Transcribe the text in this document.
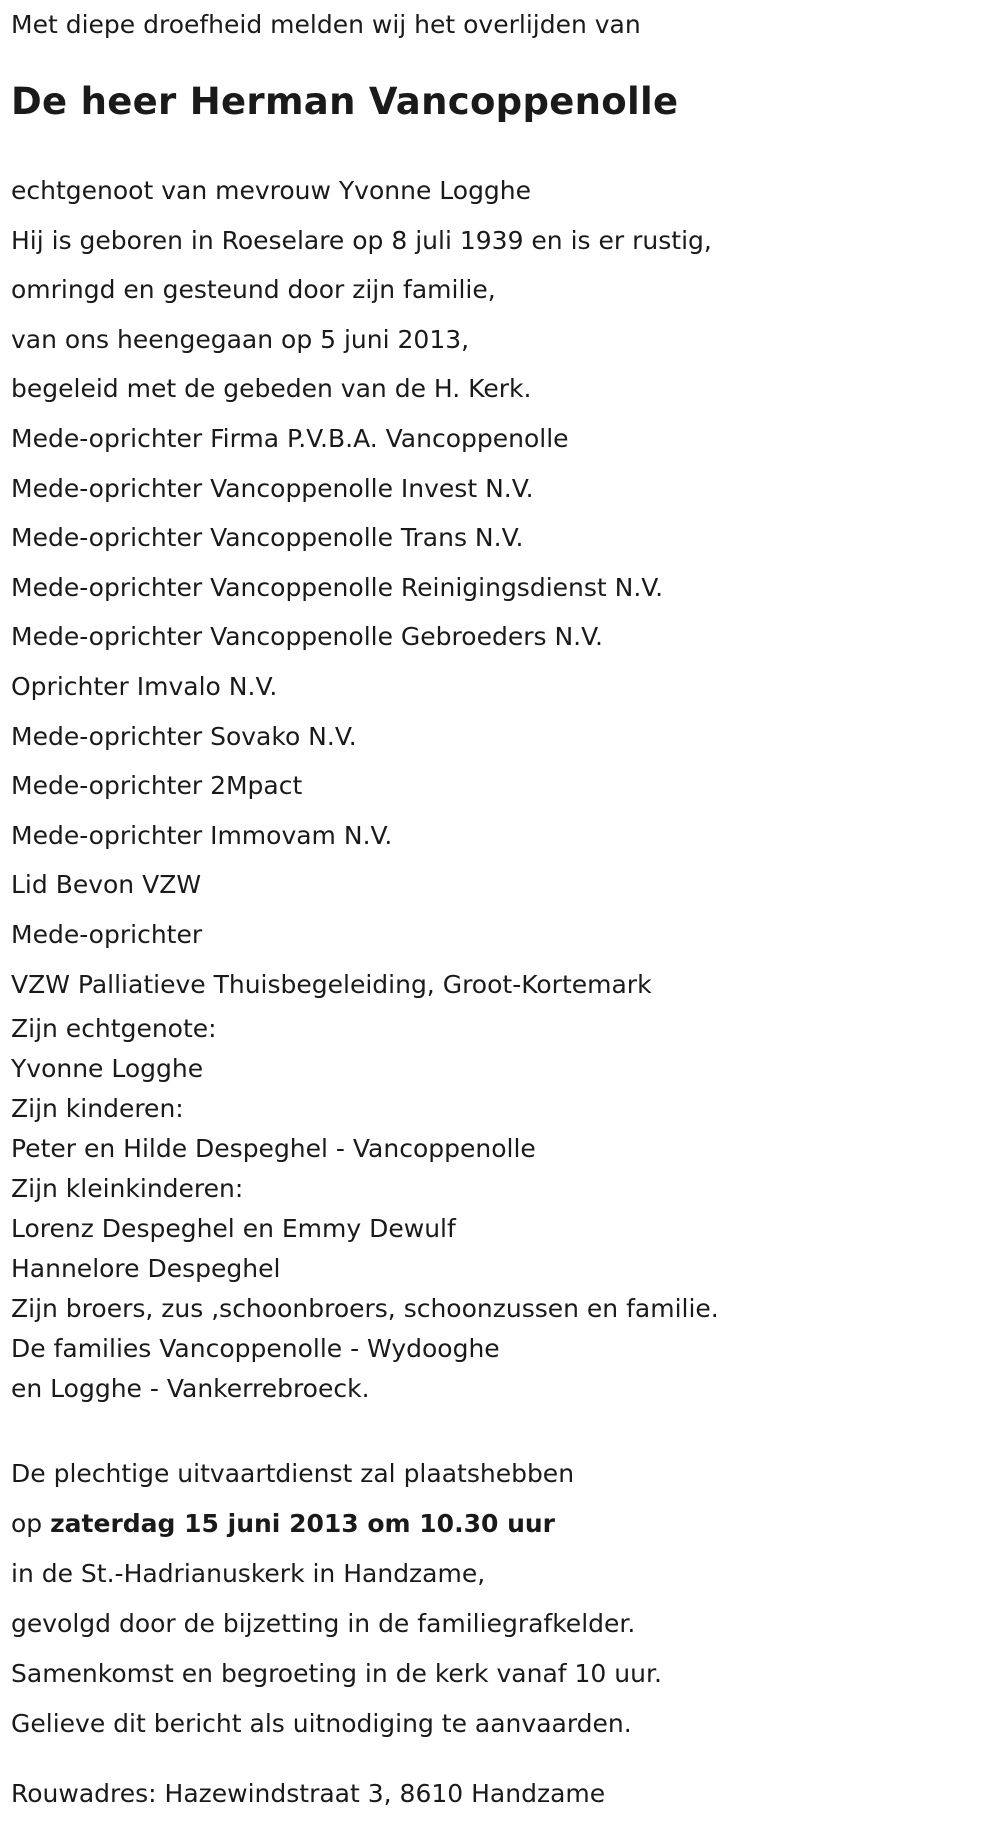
Met diepe droefheid melden wij het overlijden van
De heer Herman Vancoppenolle
echtgenoot van mevrouw Yvonne Logghe
Hij is geboren in Roeselare op 8 juli 1939 en is er rustig,
omringd en gesteund door zijn familie,
van ons heengegaan op 5 juni 2013,
begeleid met de gebeden van de H. Kerk.
Mede-oprichter Firma P.V.B.A. Vancoppenolle
Mede-oprichter Vancoppenolle Invest N.V.
Mede-oprichter Vancoppenolle Trans N.V.
Mede-oprichter Vancoppenolle Reinigingsdienst N.V.
Mede-oprichter Vancoppenolle Gebroeders N.V.
Oprichter Imvalo N.V.
Mede-oprichter Sovako N.V.
Mede-oprichter 2Mpact
Mede-oprichter Immovam N.V.
Lid Bevon VZW
Mede-oprichter
VZW Palliatieve Thuisbegeleiding, Groot-Kortemark
Zijn echtgenote:
Yvonne Logghe
Zijn kinderen:
Peter en Hilde Despeghel - Vancoppenolle
Zijn kleinkinderen:
Lorenz Despeghel en Emmy Dewulf
Hannelore Despeghel
Zijn broers, zus ,schoonbroers, schoonzussen en familie.
De families Vancoppenolle - Wydooghe
en Logghe - Vankerrebroeck.
De plechtige uitvaartdienst zal plaatshebben
op zaterdag 15 juni 2013 om 10.30 uur
in de St.-Hadrianuskerk in Handzame,
gevolgd door de bijzetting in de familiegrafkelder.
Samenkomst en begroeting in de kerk vanaf 10 uur.
Gelieve dit bericht als uitnodiging te aanvaarden.
Rouwadres: Hazewindstraat 3, 8610 Handzame
